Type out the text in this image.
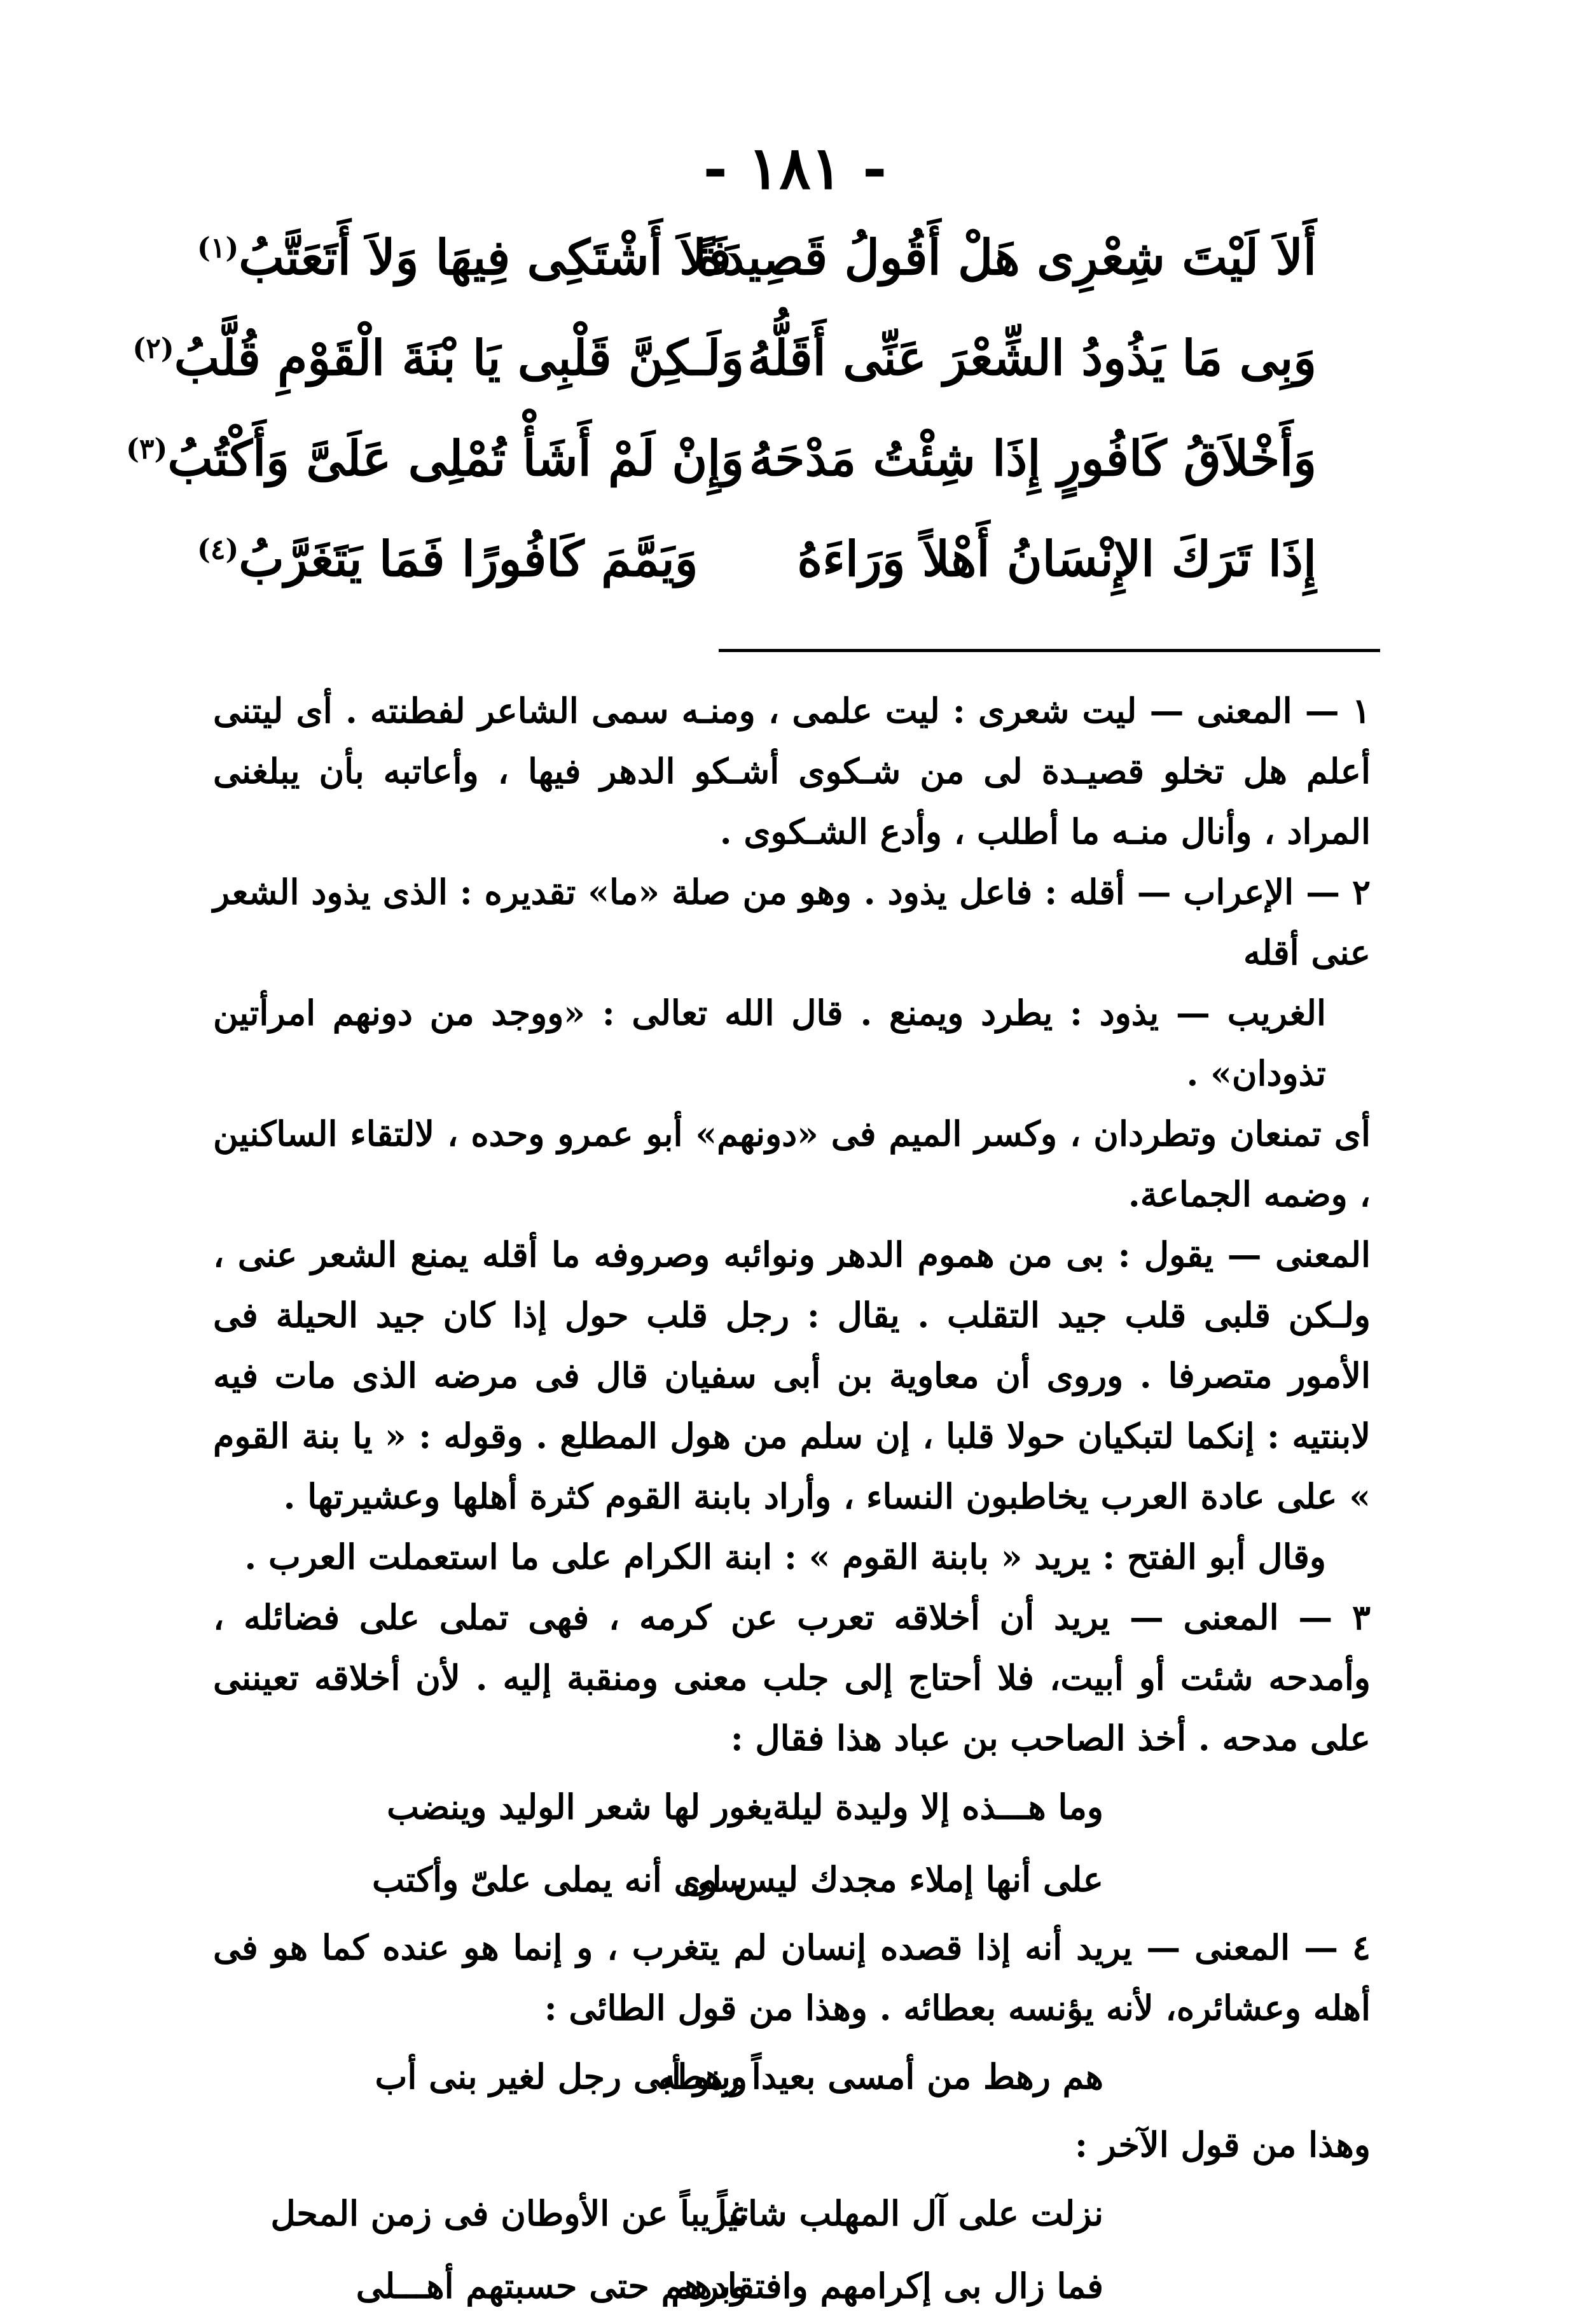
- ١٨١ -
أَلاَ لَيْتَ شِعْرِى هَلْ أَقُولُ قَصِيدَةً
فَلاَ أَشْتَكِى فِيهَا وَلاَ أَتَعَتَّبُ$^{(١)}$
وَبِى مَا يَذُودُ الشِّعْرَ عَنِّى أَقَلُّهُ
وَلَـكِنَّ قَلْبِى يَا بْنَةَ الْقَوْمِ قُلَّبُ$^{(٢)}$
وَأَخْلاَقُ كَافُورٍ إِذَا شِئْتُ مَدْحَهُ
وَإِنْ لَمْ أَشَأْ تُمْلِى عَلَىَّ وَأَكْتُبُ$^{(٣)}$
إِذَا تَرَكَ الإِنْسَانُ أَهْلاً وَرَاءَهُ
وَيَمَّمَ كَافُورًا فَمَا يَتَغَرَّبُ$^{(٤)}$

١ — المعنى — ليت شعرى : ليت علمى ، ومنـه سمى الشاعر لفطنته . أى ليتنى أعلم هل تخلو قصيـدة لى من شـكوى أشـكو الدهر فيها ، وأعاتبه بأن يبلغنى المراد ، وأنال منـه ما أطلب ، وأدع الشـكوى .

٢ — الإعراب — أقله : فاعل يذود . وهو من صلة «ما» تقديره : الذى يذود الشعر عنى أقله

الغريب — يذود : يطرد ويمنع . قال الله تعالى : «ووجد من دونهم امرأتين تذودان» .

أى تمنعان وتطردان ، وكسر الميم فى «دونهم» أبو عمرو وحده ، لالتقاء الساكنين ، وضمه الجماعة.

المعنى — يقول : بى من هموم الدهر ونوائبه وصروفه ما أقله يمنع الشعر عنى ، ولـكن قلبى قلب جيد التقلب . يقال : رجل قلب حول إذا كان جيد الحيلة فى الأمور متصرفا . وروى أن معاوية بن أبى سفيان قال فى مرضه الذى مات فيه لابنتيه : إنكما لتبكيان حولا قلبا ، إن سلم من هول المطلع . وقوله : « يا بنة القوم » على عادة العرب يخاطبون النساء ، وأراد بابنة القوم كثرة أهلها وعشيرتها .

وقال أبو الفتح : يريد « بابنة القوم » : ابنة الكرام على ما استعملت العرب .

٣ — المعنى — يريد أن أخلاقه تعرب عن كرمه ، فهى تملى على فضائله ، وأمدحه شئت أو أبيت، فلا أحتاج إلى جلب معنى ومنقبة إليه . لأن أخلاقه تعيننى على مدحه . أخذ الصاحب بن عباد هذا فقال :

وما هـــذه إلا وليدة ليلة
يغور لها شعر الوليد وينضب
على أنها إملاء مجدك ليس لى
سوى أنه يملى علىّ وأكتب

٤ — المعنى — يريد أنه إذا قصده إنسان لم يتغرب ، و إنما هو عنده كما هو فى أهله وعشائره، لأنه يؤنسه بعطائه . وهذا من قول الطائى :

هم رهط من أمسى بعيداً رهطه
وبنو أبى رجل لغير بنى أب

وهذا من قول الآخر :

نزلت على آل المهلب شاتياً
غريباً عن الأوطان فى زمن المحل
فما زال بى إكرامهم وافتقادهم
وبرهم حتى حسبتهم أهـــلى
